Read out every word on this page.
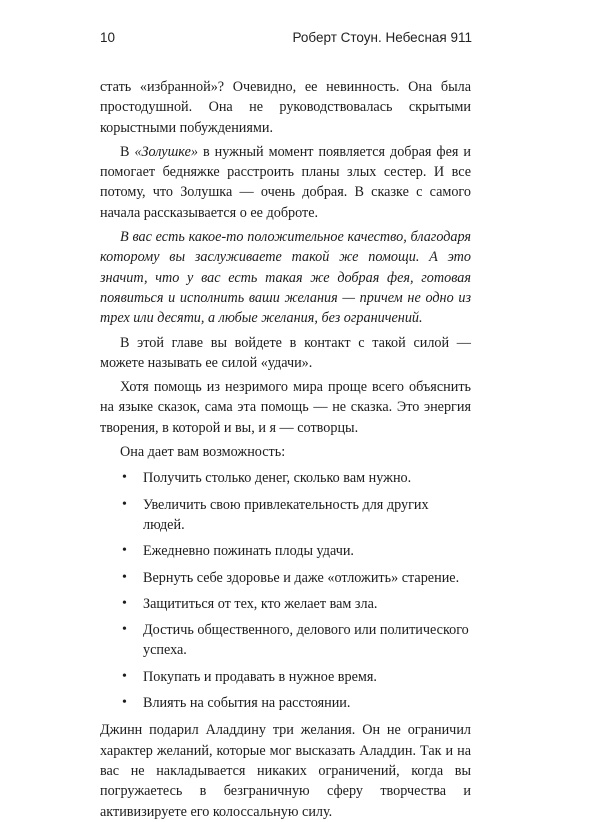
10	Роберт Стоун. Небесная 911

стать «избранной»? Очевидно, ее невинность. Она была простодушной. Она не руководствовалась скрытыми корыстными побуждениями.

В «Золушке» в нужный момент появляется добрая фея и помогает бедняжке расстроить планы злых сестер. И все потому, что Золушка — очень добрая. В сказке с самого начала рассказывается о ее доброте.

В вас есть какое-то положительное качество, благодаря которому вы заслуживаете такой же помощи. А это значит, что у вас есть такая же добрая фея, готовая появиться и исполнить ваши желания — причем не одно из трех или десяти, а любые желания, без ограничений.

В этой главе вы войдете в контакт с такой силой — можете называть ее силой «удачи».

Хотя помощь из незримого мира проще всего объяснить на языке сказок, сама эта помощь — не сказка. Это энергия творения, в которой и вы, и я — сотворцы.

Она дает вам возможность:

• Получить столько денег, сколько вам нужно.
• Увеличить свою привлекательность для других людей.
• Ежедневно пожинать плоды удачи.
• Вернуть себе здоровье и даже «отложить» старение.
• Защититься от тех, кто желает вам зла.
• Достичь общественного, делового или политического успеха.
• Покупать и продавать в нужное время.
• Влиять на события на расстоянии.

Джинн подарил Аладдину три желания. Он не ограничил характер желаний, которые мог высказать Аладдин. Так и на вас не накладывается никаких ограничений, когда вы погружаетесь в безграничную сферу творчества и активизируете его колоссальную силу.
